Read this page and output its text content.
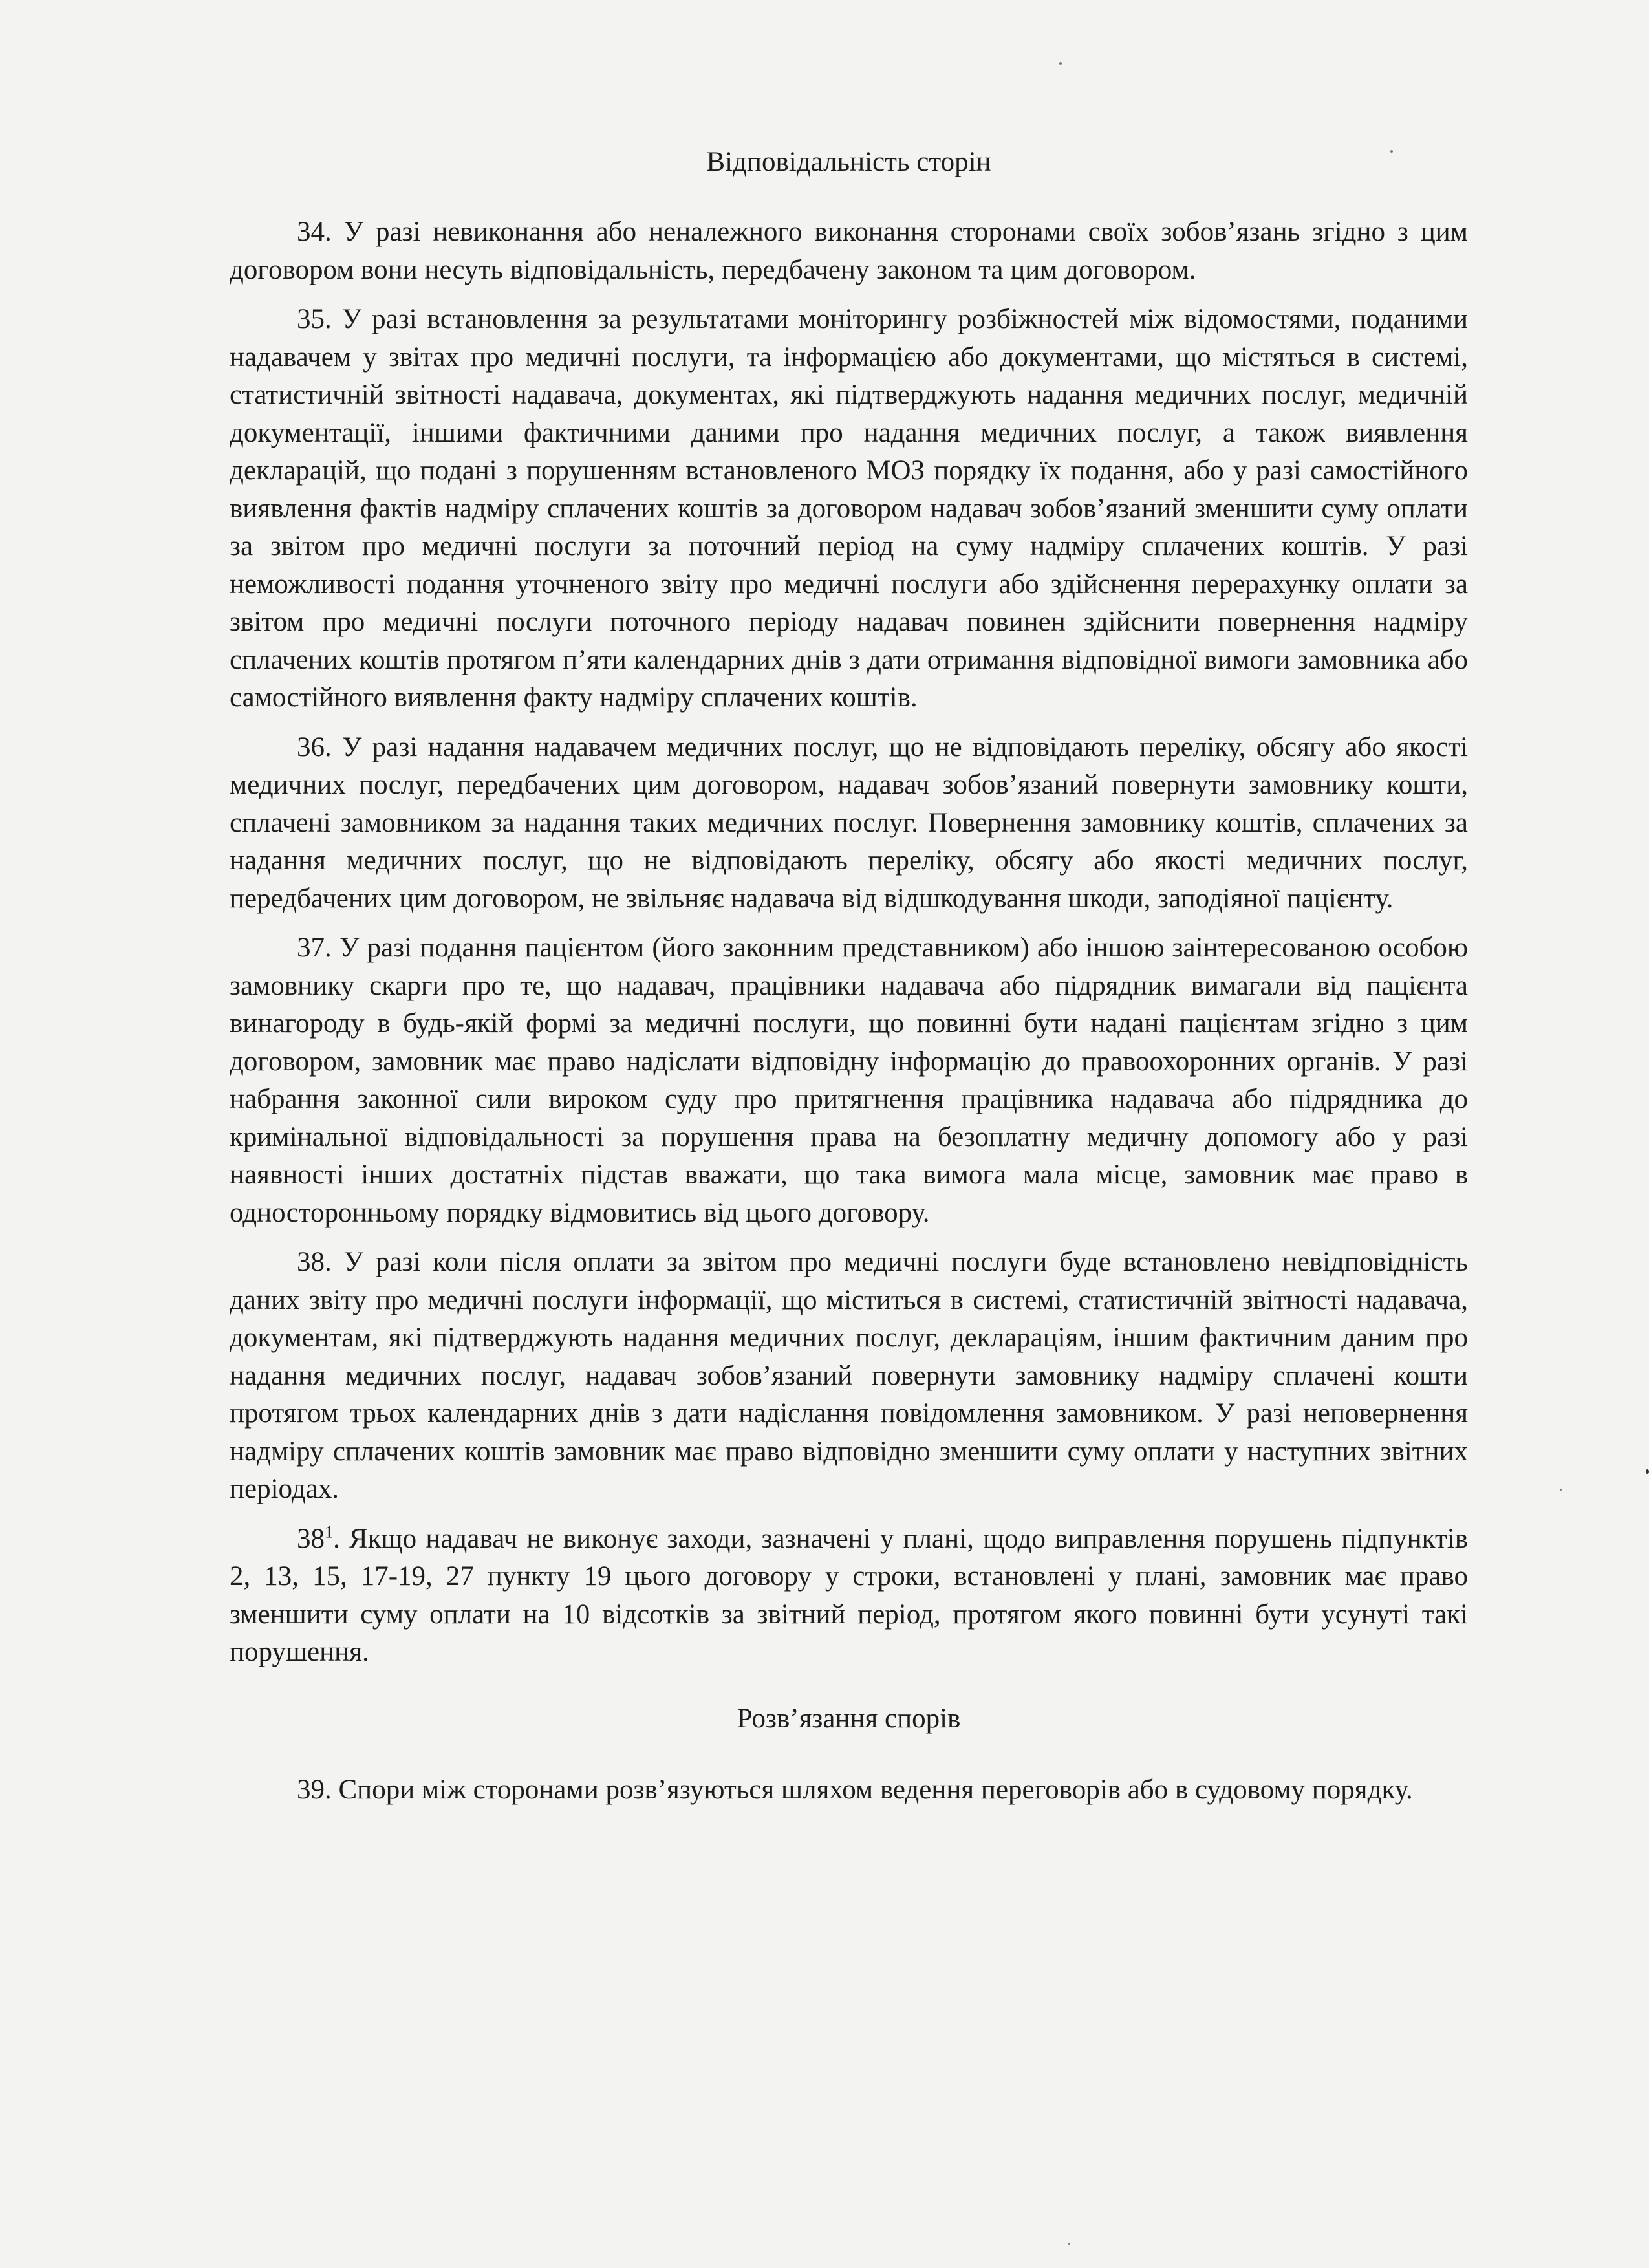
Відповідальність сторін

34. У разі невиконання або неналежного виконання сторонами своїх зобов’язань згідно з цим договором вони несуть відповідальність, передбачену законом та цим договором.

35. У разі встановлення за результатами моніторингу розбіжностей між відомостями, поданими надавачем у звітах про медичні послуги, та інформацією або документами, що містяться в системі, статистичній звітності надавача, документах, які підтверджують надання медичних послуг, медичній документації, іншими фактичними даними про надання медичних послуг, а також виявлення декларацій, що подані з порушенням встановленого МОЗ порядку їх подання, або у разі самостійного виявлення фактів надміру сплачених коштів за договором надавач зобов’язаний зменшити суму оплати за звітом про медичні послуги за поточний період на суму надміру сплачених коштів. У разі неможливості подання уточненого звіту про медичні послуги або здійснення перерахунку оплати за звітом про медичні послуги поточного періоду надавач повинен здійснити повернення надміру сплачених коштів протягом п’яти календарних днів з дати отримання відповідної вимоги замовника або самостійного виявлення факту надміру сплачених коштів.

36. У разі надання надавачем медичних послуг, що не відповідають переліку, обсягу або якості медичних послуг, передбачених цим договором, надавач зобов’язаний повернути замовнику кошти, сплачені замовником за надання таких медичних послуг. Повернення замовнику коштів, сплачених за надання медичних послуг, що не відповідають переліку, обсягу або якості медичних послуг, передбачених цим договором, не звільняє надавача від відшкодування шкоди, заподіяної пацієнту.

37. У разі подання пацієнтом (його законним представником) або іншою заінтересованою особою замовнику скарги про те, що надавач, працівники надавача або підрядник вимагали від пацієнта винагороду в будь-якій формі за медичні послуги, що повинні бути надані пацієнтам згідно з цим договором, замовник має право надіслати відповідну інформацію до правоохоронних органів. У разі набрання законної сили вироком суду про притягнення працівника надавача або підрядника до кримінальної відповідальності за порушення права на безоплатну медичну допомогу або у разі наявності інших достатніх підстав вважати, що така вимога мала місце, замовник має право в односторонньому порядку відмовитись від цього договору.

38. У разі коли після оплати за звітом про медичні послуги буде встановлено невідповідність даних звіту про медичні послуги інформації, що міститься в системі, статистичній звітності надавача, документам, які підтверджують надання медичних послуг, деклараціям, іншим фактичним даним про надання медичних послуг, надавач зобов’язаний повернути замовнику надміру сплачені кошти протягом трьох календарних днів з дати надіслання повідомлення замовником. У разі неповернення надміру сплачених коштів замовник має право відповідно зменшити суму оплати у наступних звітних періодах.

$38^1$. Якщо надавач не виконує заходи, зазначені у плані, щодо виправлення порушень підпунктів 2, 13, 15, 17-19, 27 пункту 19 цього договору у строки, встановлені у плані, замовник має право зменшити суму оплати на 10 відсотків за звітний період, протягом якого повинні бути усунуті такі порушення.

Розв’язання спорів

39. Спори між сторонами розв’язуються шляхом ведення переговорів або в судовому порядку.
